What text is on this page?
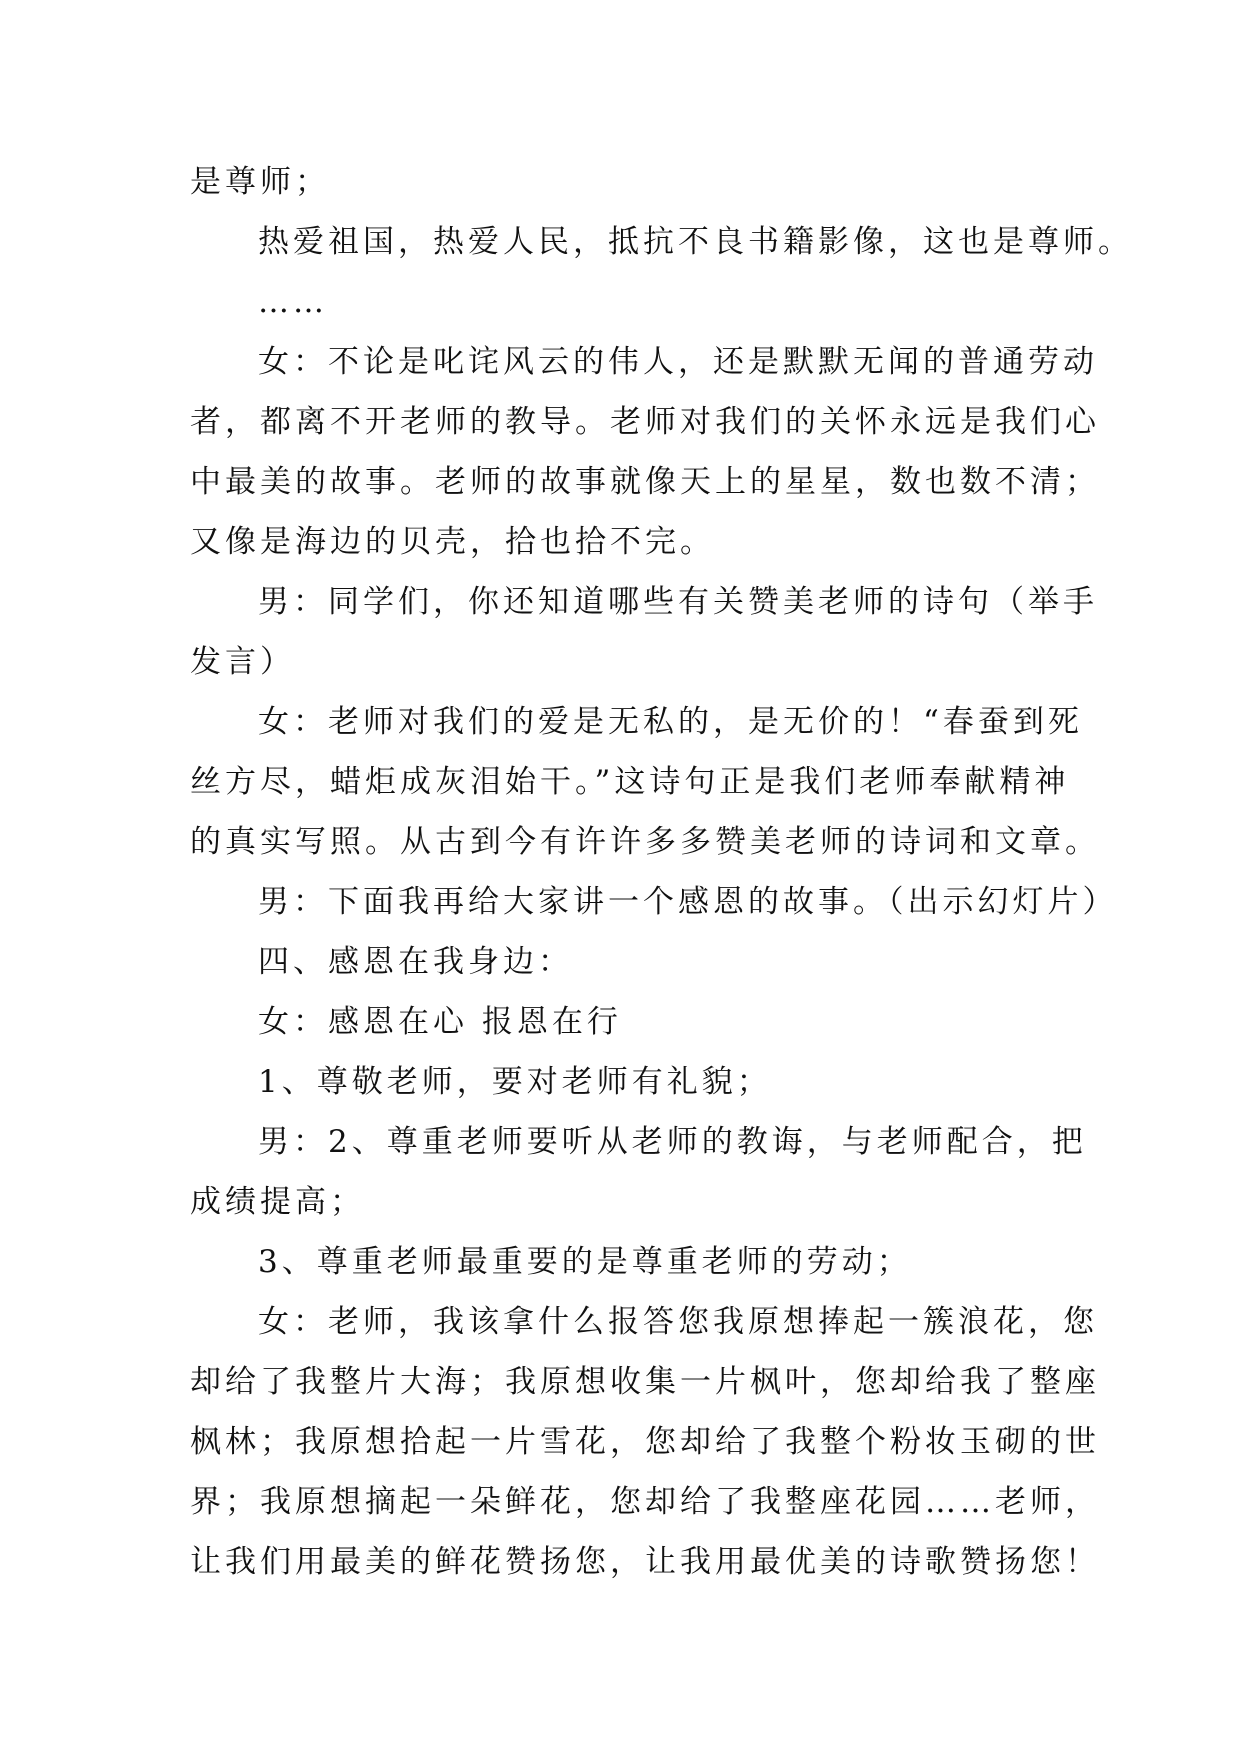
是尊师；
热爱祖国，热爱人民，抵抗不良书籍影像，这也是尊师。
……
女：不论是叱诧风云的伟人，还是默默无闻的普通劳动
者，都离不开老师的教导。老师对我们的关怀永远是我们心
中最美的故事。老师的故事就像天上的星星，数也数不清；
又像是海边的贝壳，拾也拾不完。
男：同学们，你还知道哪些有关赞美老师的诗句（举手
发言）
女：老师对我们的爱是无私的，是无价的！“春蚕到死
丝方尽，蜡炬成灰泪始干。”这诗句正是我们老师奉献精神
的真实写照。从古到今有许许多多赞美老师的诗词和文章。
男：下面我再给大家讲一个感恩的故事。（出示幻灯片）
四、感恩在我身边：
女：感恩在心 报恩在行
1、尊敬老师，要对老师有礼貌；
男：2、尊重老师要听从老师的教诲，与老师配合，把
成绩提高；
3、尊重老师最重要的是尊重老师的劳动；
女：老师，我该拿什么报答您我原想捧起一簇浪花，您
却给了我整片大海；我原想收集一片枫叶，您却给我了整座
枫林；我原想拾起一片雪花，您却给了我整个粉妆玉砌的世
界；我原想摘起一朵鲜花，您却给了我整座花园……老师，
让我们用最美的鲜花赞扬您，让我用最优美的诗歌赞扬您！
